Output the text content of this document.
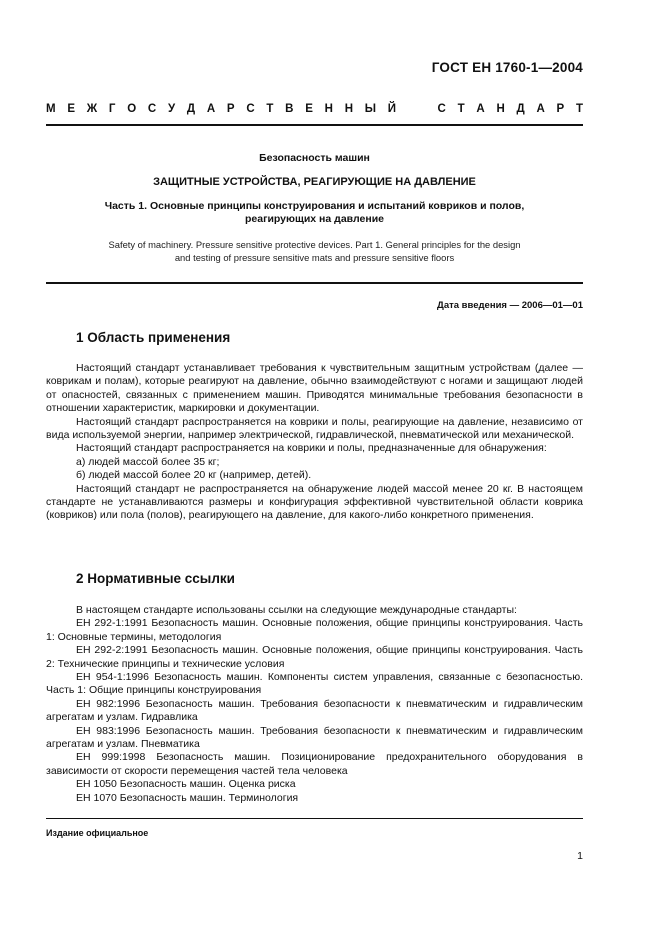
ГОСТ ЕН 1760-1—2004
М Е Ж Г О С У Д А Р С Т В Е Н Н Ы Й	С Т А Н Д А Р Т
Безопасность машин
ЗАЩИТНЫЕ УСТРОЙСТВА, РЕАГИРУЮЩИЕ НА ДАВЛЕНИЕ
Часть 1. Основные принципы конструирования и испытаний ковриков и полов,
реагирующих на давление
Safety of machinery. Pressure sensitive protective devices. Part 1. General principles for the design
and testing of pressure sensitive mats and pressure sensitive floors
Дата введения — 2006—01—01
1 Область применения

Настоящий стандарт устанавливает требования к чувствительным защитным устройствам (далее — коврикам и полам), которые реагируют на давление, обычно взаимодействуют с ногами и защищают людей от опасностей, связанных с применением машин. Приводятся минимальные требования безопасности в отношении характеристик, маркировки и документации.

Настоящий стандарт распространяется на коврики и полы, реагирующие на давление, независимо от вида используемой энергии, например электрической, гидравлической, пневматической или механической.

Настоящий стандарт распространяется на коврики и полы, предназначенные для обнаружения:

а) людей массой более 35 кг;

б) людей массой более 20 кг (например, детей).

Настоящий стандарт не распространяется на обнаружение людей массой менее 20 кг. В настоящем стандарте не устанавливаются размеры и конфигурация эффективной чувствительной области коврика (ковриков) или пола (полов), реагирующего на давление, для какого-либо конкретного применения.

2 Нормативные ссылки

В настоящем стандарте использованы ссылки на следующие международные стандарты:

ЕН 292-1:1991 Безопасность машин. Основные положения, общие принципы конструирования. Часть 1: Основные термины, методология

ЕН 292-2:1991 Безопасность машин. Основные положения, общие принципы конструирования. Часть 2: Технические принципы и технические условия

ЕН 954-1:1996 Безопасность машин. Компоненты систем управления, связанные с безопасностью. Часть 1: Общие принципы конструирования

ЕН 982:1996 Безопасность машин. Требования безопасности к пневматическим и гидравлическим агрегатам и узлам. Гидравлика

ЕН 983:1996 Безопасность машин. Требования безопасности к пневматическим и гидравлическим агрегатам и узлам. Пневматика

ЕН 999:1998 Безопасность машин. Позиционирование предохранительного оборудования в зависимости от скорости перемещения частей тела человека

ЕН 1050 Безопасность машин. Оценка риска

ЕН 1070 Безопасность машин. Терминология

Издание официальное
1
